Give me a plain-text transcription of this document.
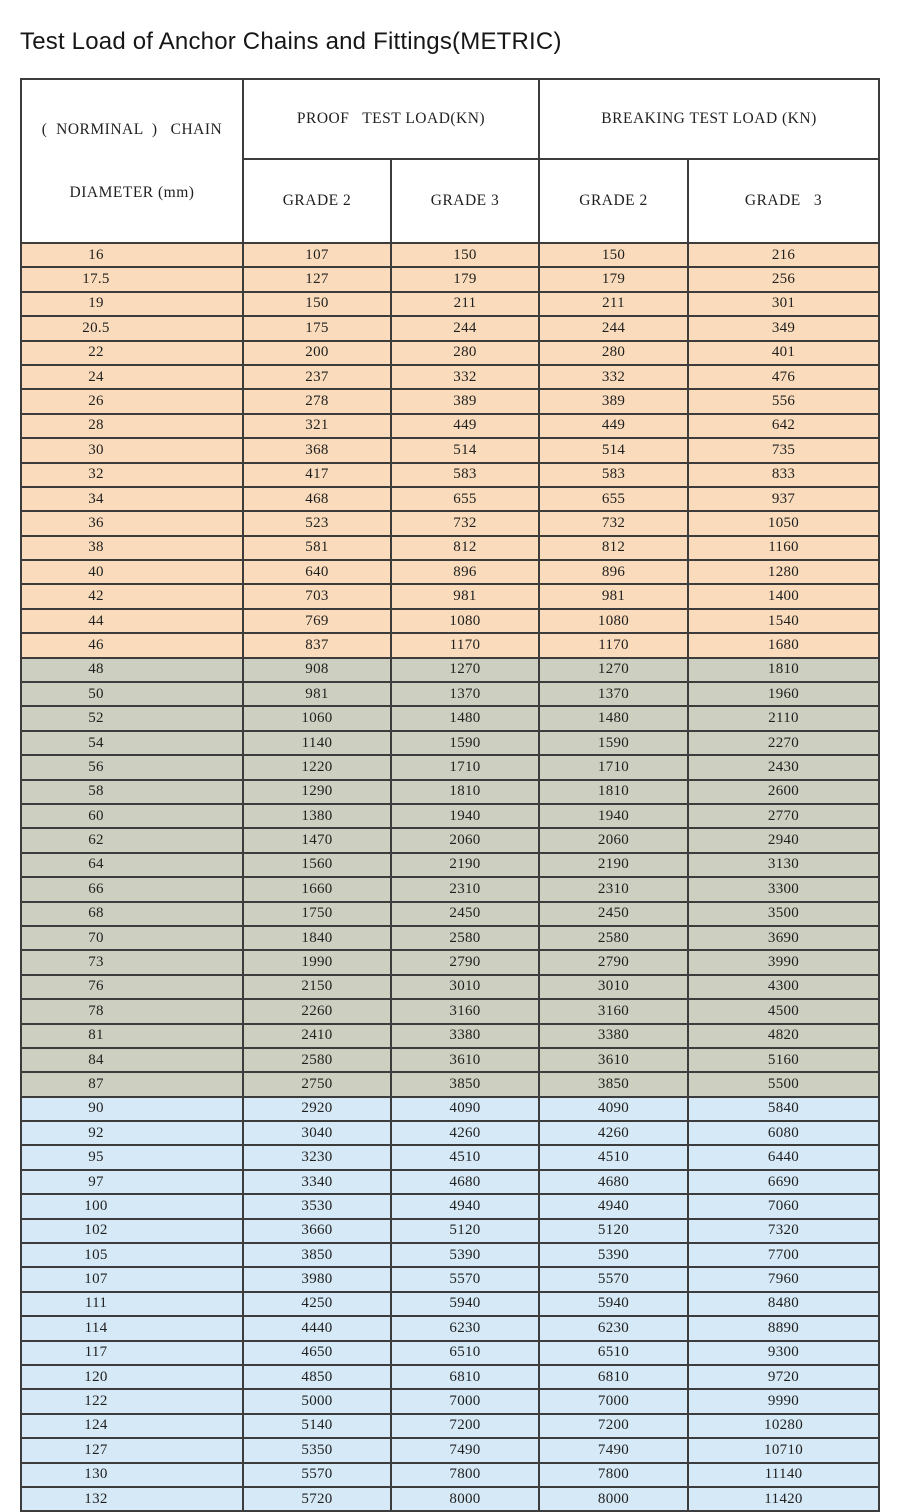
Test Load of Anchor Chains and Fittings(METRIC)

(  NORMINAL  )   CHAIN

DIAMETER (mm)	PROOF   TEST LOAD(KN)		BREAKING TEST LOAD (KN)	
	GRADE 2	GRADE 3	GRADE 2	GRADE   3
16	107	150	150	216
17.5	127	179	179	256
19	150	211	211	301
20.5	175	244	244	349
22	200	280	280	401
24	237	332	332	476
26	278	389	389	556
28	321	449	449	642
30	368	514	514	735
32	417	583	583	833
34	468	655	655	937
36	523	732	732	1050
38	581	812	812	1160
40	640	896	896	1280
42	703	981	981	1400
44	769	1080	1080	1540
46	837	1170	1170	1680
48	908	1270	1270	1810
50	981	1370	1370	1960
52	1060	1480	1480	2110
54	1140	1590	1590	2270
56	1220	1710	1710	2430
58	1290	1810	1810	2600
60	1380	1940	1940	2770
62	1470	2060	2060	2940
64	1560	2190	2190	3130
66	1660	2310	2310	3300
68	1750	2450	2450	3500
70	1840	2580	2580	3690
73	1990	2790	2790	3990
76	2150	3010	3010	4300
78	2260	3160	3160	4500
81	2410	3380	3380	4820
84	2580	3610	3610	5160
87	2750	3850	3850	5500
90	2920	4090	4090	5840
92	3040	4260	4260	6080
95	3230	4510	4510	6440
97	3340	4680	4680	6690
100	3530	4940	4940	7060
102	3660	5120	5120	7320
105	3850	5390	5390	7700
107	3980	5570	5570	7960
111	4250	5940	5940	8480
114	4440	6230	6230	8890
117	4650	6510	6510	9300
120	4850	6810	6810	9720
122	5000	7000	7000	9990
124	5140	7200	7200	10280
127	5350	7490	7490	10710
130	5570	7800	7800	11140
132	5720	8000	8000	11420
